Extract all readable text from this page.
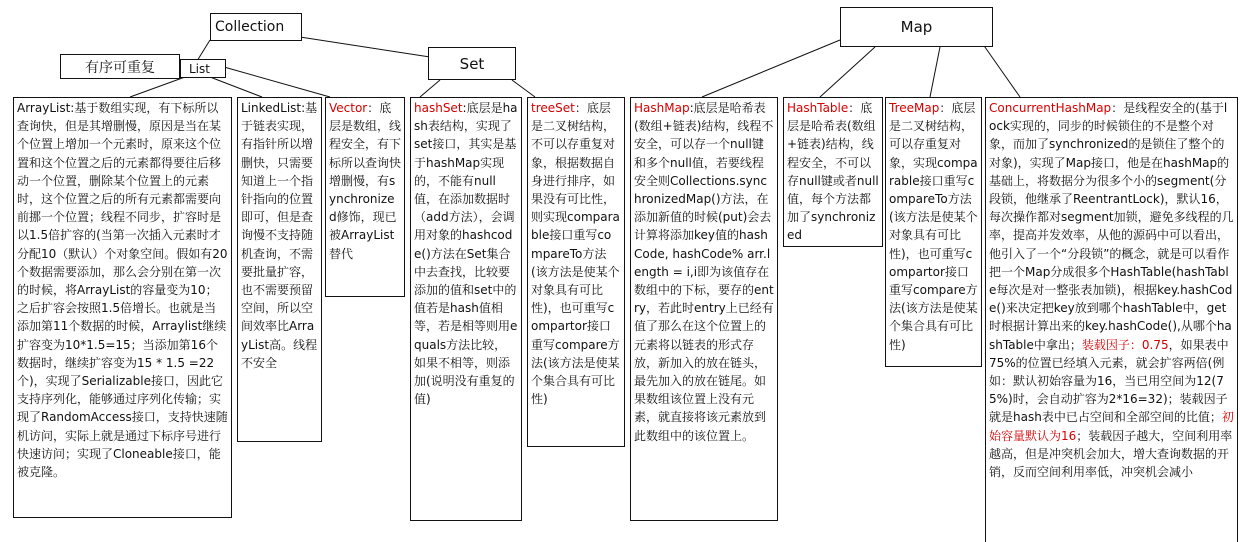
Collection	Map
Set
有序可重复	List
ArrayList:基于数组实现，有下标所以查询快，但是其增删慢，原因是当在某个位置上增加一个元素时，原来这个位置和这个位置之后的元素都得要往后移动一个位置，删除某个位置上的元素时，这个位置之后的所有元素都需要向前挪一个位置；线程不同步，扩容时是以1.5倍扩容的(当第一次插入元素时才分配10（默认）个对象空间。假如有20个数据需要添加，那么会分别在第一次的时候，将ArrayList的容量变为10；之后扩容会按照1.5倍增长。也就是当添加第11个数据的时候，Arraylist继续扩容变为10*1.5=15；当添加第16个数据时，继续扩容变为15 * 1.5 =22个)，实现了Serializable接口，因此它支持序列化，能够通过序列化传输；实现了RandomAccess接口，支持快速随机访问，实际上就是通过下标序号进行快速访问；实现了Cloneable接口，能被克隆。
LinkedList:基于链表实现，有指针所以增删快，只需要知道上一个指针指向的位置即可，但是查询慢不支持随机查询，不需要批量扩容，也不需要预留空间，所以空间效率比ArrayList高。线程不安全
Vector：底层是数组，线程安全，有下标所以查询快增删慢，有synchronized修饰，现已被ArrayList替代
hashSet:底层是hash表结构，实现了set接口，其实是基于hashMap实现的，不能有null值，在添加数据时（add方法），会调用对象的hashcode()方法在Set集合中去查找，比较要添加的值和set中的值若是hash值相等，若是相等则用equals方法比较，如果不相等，则添加(说明没有重复的值)
treeSet：底层是二叉树结构，不可以存重复对象，根据数据自身进行排序，如果没有可比性，则实现comparable接口重写compareTo方法(该方法是使某个对象具有可比性)，也可重写compartor接口重写compare方法(该方法是使某个集合具有可比性)
HashMap:底层是哈希表(数组+链表)结构，线程不安全，可以存一个null键和多个null值，若要线程安全则Collections.synchronizedMap()方法，在添加新值的时候(put)会去计算将添加key值的hashCode, hashCode% arr.length = i,i即为该值存在数组中的下标，要存的entry，若此时entry上已经有值了那么在这个位置上的元素将以链表的形式存放，新加入的放在链头，最先加入的放在链尾。如果数组该位置上没有元素，就直接将该元素放到此数组中的该位置上。
HashTable：底层是哈希表(数组+链表)结构，线程安全，不可以存null键或者null值，每个方法都加了synchronized
TreeMap：底层是二叉树结构，可以存重复对象，实现comparable接口重写compareTo方法(该方法是使某个对象具有可比性)，也可重写compartor接口重写compare方法(该方法是使某个集合具有可比性)
ConcurrentHashMap：是线程安全的(基于lock实现的，同步的时候锁住的不是整个对象，而加了synchronized的是锁住了整个的对象)，实现了Map接口，他是在hashMap的基础上，将数据分为很多个小的segment(分段锁，他继承了ReentrantLock)，默认16，每次操作都对segment加锁，避免多线程的几率，提高并发效率，从他的源码中可以看出，他引入了一个“分段锁”的概念，就是可以看作把一个Map分成很多个HashTable(hashTable每次是对一整张表加锁)，根据key.hashCode()来决定把key放到哪个hashTable中，get时根据计算出来的key.hashCode(),从哪个hashTable中拿出；装载因子：0.75，如果表中75%的位置已经填入元素，就会扩容两倍(例如：默认初始容量为16，当已用空间为12(75%)时，会自动扩容为2*16=32)；装载因子就是hash表中已占空间和全部空间的比值；初始容量默认为16；装载因子越大，空间利用率越高，但是冲突机会加大，增大查询数据的开销，反而空间利用率低，冲突机会减小
